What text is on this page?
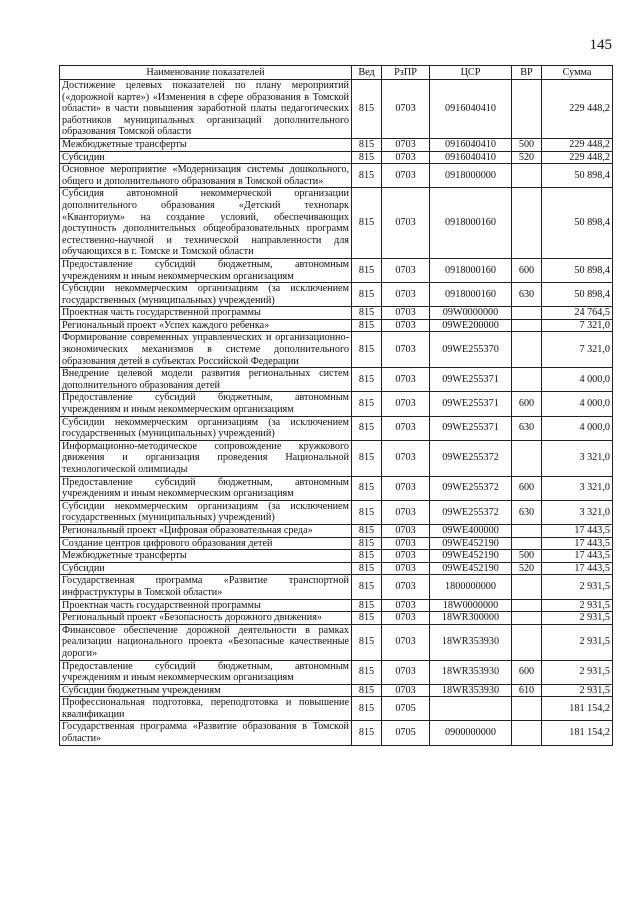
145
Наименование показателей	Вед	РзПР	ЦСР	ВР	Сумма
Достижение целевых показателей по плану мероприятий («дорожной карте») «Изменения в сфере образования в Томской области» в части повышения заработной платы педагогических работников муниципальных организаций дополнительного образования Томской области	815	0703	0916040410		229 448,2
Межбюджетные трансферты	815	0703	0916040410	500	229 448,2
Субсидии	815	0703	0916040410	520	229 448,2
Основное мероприятие «Модернизация системы дошкольного, общего и дополнительного образования в Томской области»	815	0703	0918000000		50 898,4
Субсидия автономной некоммерческой организации дополнительного образования «Детский технопарк «Кванториум» на создание условий, обеспечивающих доступность дополнительных общеобразовательных программ естественно-научной и технической направленности для обучающихся в г. Томске и Томской области	815	0703	0918000160		50 898,4
Предоставление субсидий бюджетным, автономным учреждениям и иным некоммерческим организациям	815	0703	0918000160	600	50 898,4
Субсидии некоммерческим организациям (за исключением государственных (муниципальных) учреждений)	815	0703	0918000160	630	50 898,4
Проектная часть государственной программы	815	0703	09W0000000		24 764,5
Региональный проект «Успех каждого ребенка»	815	0703	09WE200000		7 321,0
Формирование современных управленческих и организационно-экономических механизмов в системе дополнительного образования детей в субъектах Российской Федерации	815	0703	09WE255370		7 321,0
Внедрение целевой модели развития региональных систем дополнительного образования детей	815	0703	09WE255371		4 000,0
Предоставление субсидий бюджетным, автономным учреждениям и иным некоммерческим организациям	815	0703	09WE255371	600	4 000,0
Субсидии некоммерческим организациям (за исключением государственных (муниципальных) учреждений)	815	0703	09WE255371	630	4 000,0
Информационно-методическое сопровождение кружкового движения и организация проведения Национальной технологической олимпиады	815	0703	09WE255372		3 321,0
Предоставление субсидий бюджетным, автономным учреждениям и иным некоммерческим организациям	815	0703	09WE255372	600	3 321,0
Субсидии некоммерческим организациям (за исключением государственных (муниципальных) учреждений)	815	0703	09WE255372	630	3 321,0
Региональный проект «Цифровая образовательная среда»	815	0703	09WE400000		17 443,5
Создание центров цифрового образования детей	815	0703	09WE452190		17 443,5
Межбюджетные трансферты	815	0703	09WE452190	500	17 443,5
Субсидии	815	0703	09WE452190	520	17 443,5
Государственная программа «Развитие транспортной инфраструктуры в Томской области»	815	0703	1800000000		2 931,5
Проектная часть государственной программы	815	0703	18W0000000		2 931,5
Региональный проект «Безопасность дорожного движения»	815	0703	18WR300000		2 931,5
Финансовое обеспечение дорожной деятельности в рамках реализации национального проекта «Безопасные качественные дороги»	815	0703	18WR353930		2 931,5
Предоставление субсидий бюджетным, автономным учреждениям и иным некоммерческим организациям	815	0703	18WR353930	600	2 931,5
Субсидии бюджетным учреждениям	815	0703	18WR353930	610	2 931,5
Профессиональная подготовка, переподготовка и повышение квалификации	815	0705			181 154,2
Государственная программа «Развитие образования в Томской области»	815	0705	0900000000		181 154,2
